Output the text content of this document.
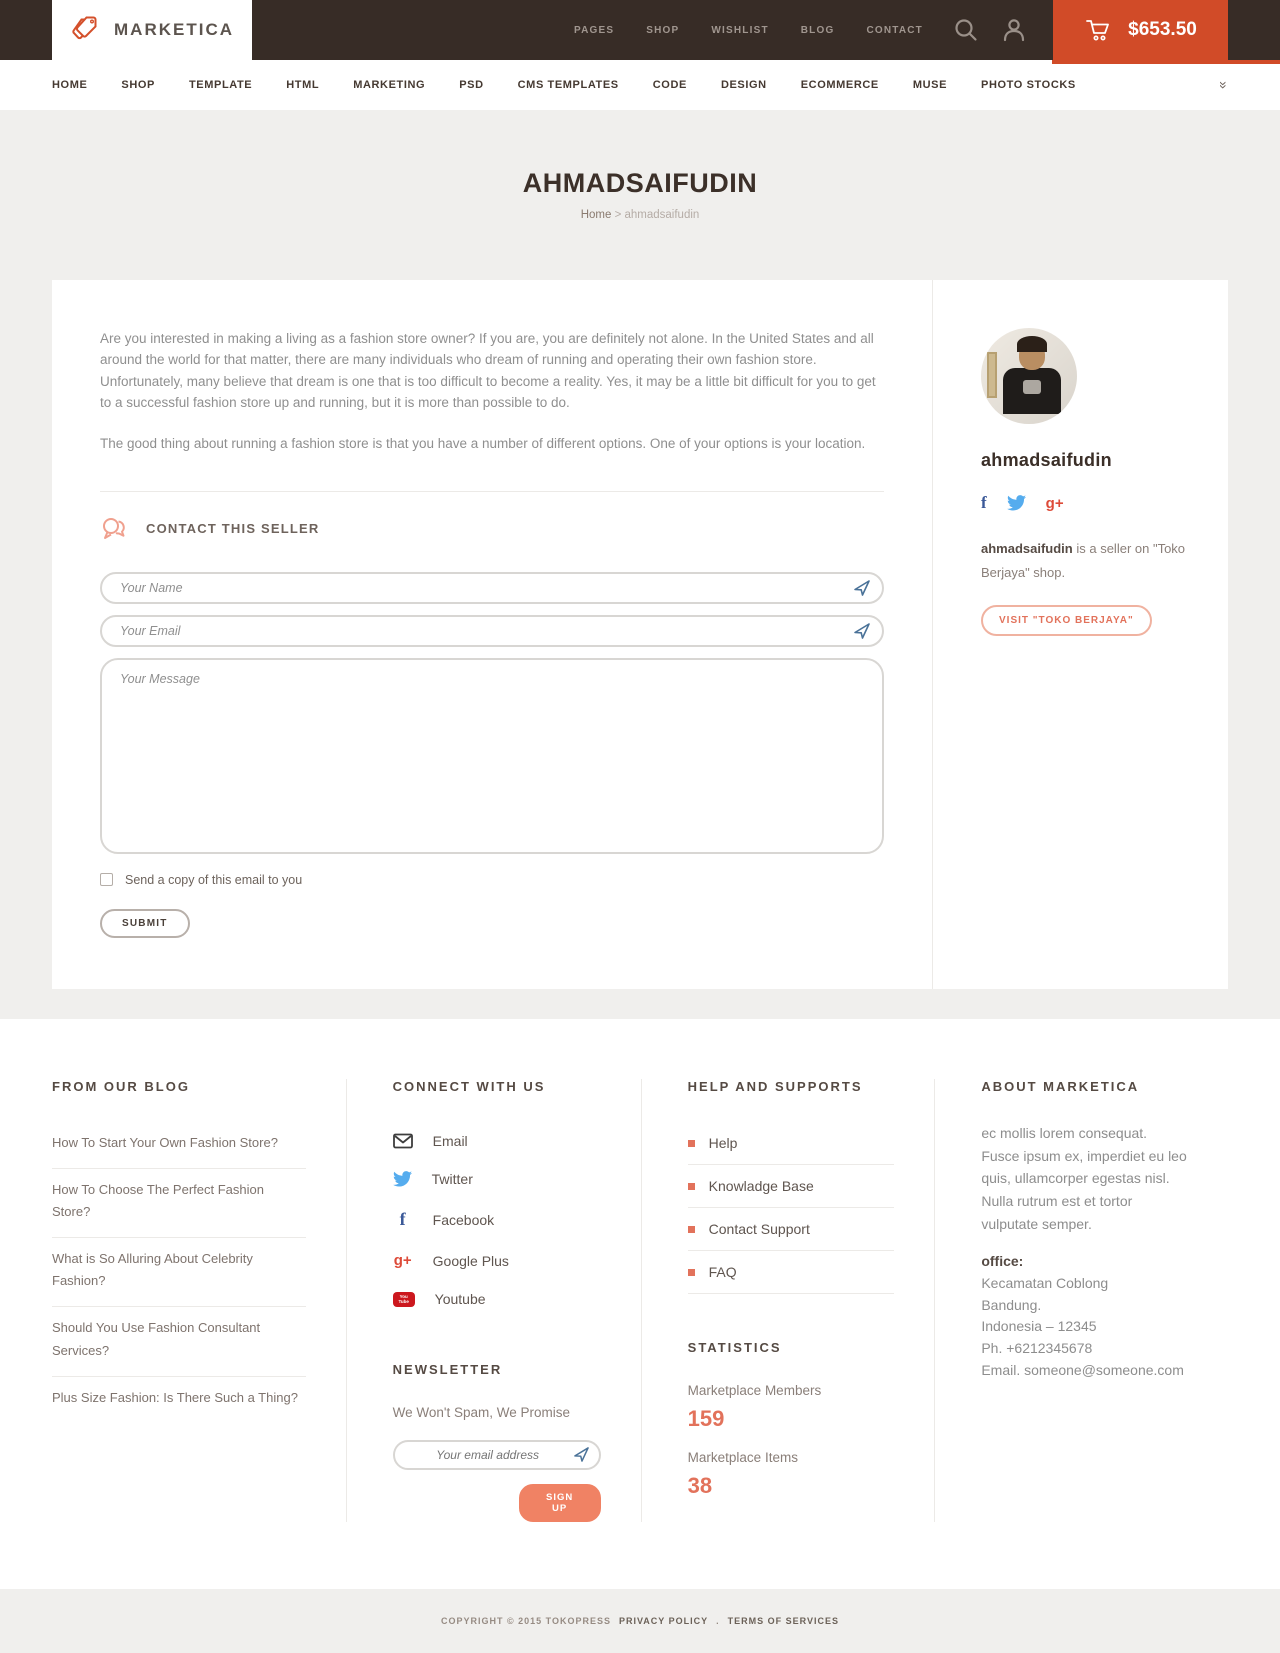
MARKETICA	PAGES	SHOP	WISHLIST	BLOG	CONTACT	$653.50
HOME	SHOP	TEMPLATE	HTML	MARKETING	PSD	CMS TEMPLATES	CODE	DESIGN	ECOMMERCE	MUSE	PHOTO STOCKS	»
AHMADSAIFUDIN
Home > ahmadsaifudin

Are you interested in making a living as a fashion store owner? If you are, you are definitely not alone. In the United States and all around the world for that matter, there are many individuals who dream of running and operating their own fashion store. Unfortunately, many believe that dream is one that is too difficult to become a reality. Yes, it may be a little bit difficult for you to get to a successful fashion store up and running, but it is more than possible to do.

The good thing about running a fashion store is that you have a number of different options. One of your options is your location.

CONTACT THIS SELLER
Your Name
Your Email
Your Message
Send a copy of this email to you
SUBMIT
ahmadsaifudin
f	g+
ahmadsaifudin is a seller on "Toko Berjaya" shop.
VISIT "TOKO BERJAYA"
FROM OUR BLOG
How To Start Your Own Fashion Store?
How To Choose The Perfect Fashion Store?
What is So Alluring About Celebrity Fashion?
Should You Use Fashion Consultant Services?
Plus Size Fashion: Is There Such a Thing?
CONNECT WITH US
Email
Twitter
f	Facebook
g+ Google Plus
You
Tube Youtube
NEWSLETTER
We Won't Spam, We Promise
Your email address
SIGN UP
HELP AND SUPPORTS
Help
Knowladge Base
Contact Support
FAQ
STATISTICS
Marketplace Members
159
Marketplace Items
38
ABOUT MARKETICA
ec mollis lorem consequat. Fusce ipsum ex, imperdiet eu leo quis, ullamcorper egestas nisl. Nulla rutrum est et tortor vulputate semper.
office:
Kecamatan Coblong
Bandung.
Indonesia – 12345
Ph. +6212345678
Email. someone@someone.com
COPYRIGHT © 2015 TOKOPRESS PRIVACY POLICY . TERMS OF SERVICES
